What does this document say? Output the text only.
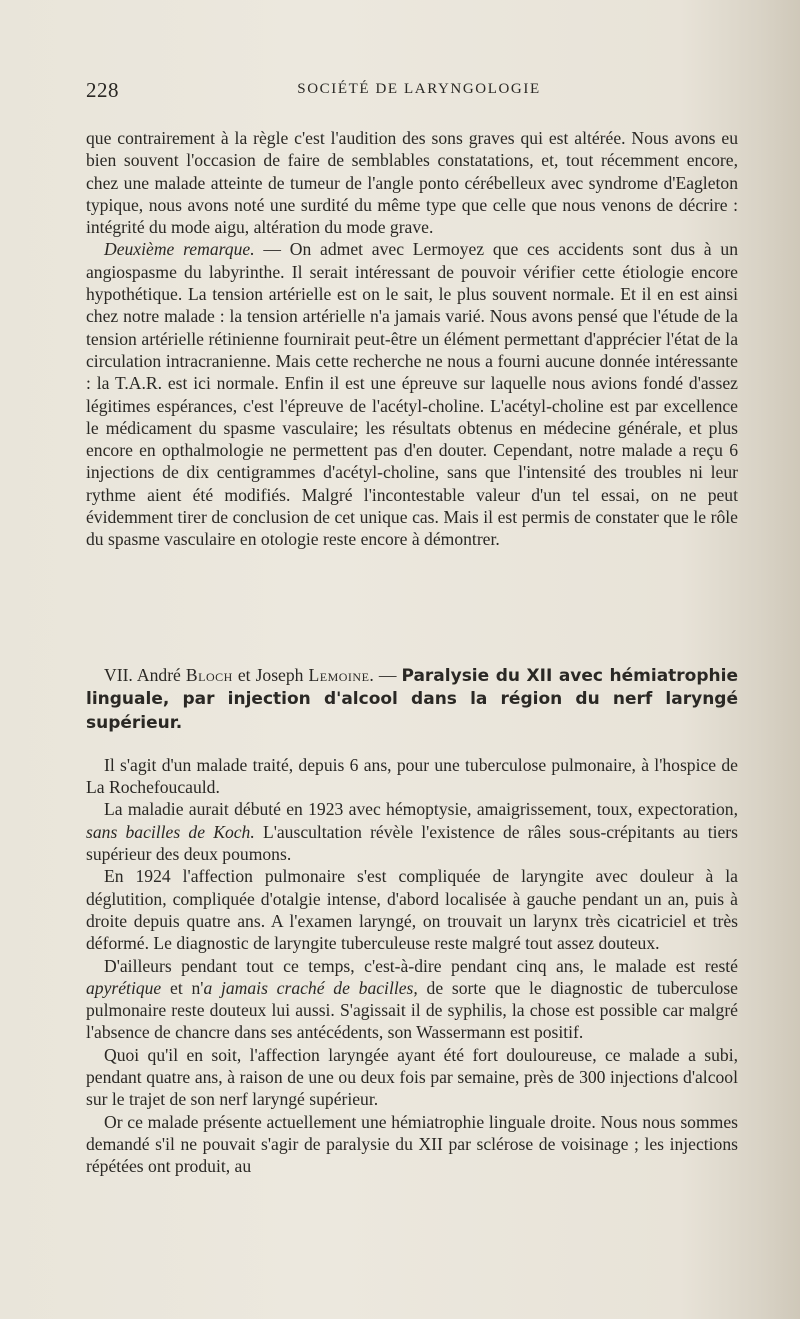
228	SOCIÉTÉ DE LARYNGOLOGIE

que contrairement à la règle c'est l'audition des sons graves qui est altérée. Nous avons eu bien souvent l'occasion de faire de semblables constatations, et, tout récemment encore, chez une malade atteinte de tumeur de l'angle ponto cérébelleux avec syndrome d'Eagleton typique, nous avons noté une surdité du même type que celle que nous venons de décrire : intégrité du mode aigu, altération du mode grave.

Deuxième remarque. — On admet avec Lermoyez que ces accidents sont dus à un angiospasme du labyrinthe. Il serait intéressant de pouvoir vérifier cette étiologie encore hypothétique. La tension artérielle est on le sait, le plus souvent normale. Et il en est ainsi chez notre malade : la tension artérielle n'a jamais varié. Nous avons pensé que l'étude de la tension artérielle rétinienne fournirait peut-être un élément permettant d'apprécier l'état de la circulation intracranienne. Mais cette recherche ne nous a fourni aucune donnée intéressante : la T.A.R. est ici normale. Enfin il est une épreuve sur laquelle nous avions fondé d'assez légitimes espérances, c'est l'épreuve de l'acétyl-choline. L'acétyl-choline est par excellence le médicament du spasme vasculaire; les résultats obtenus en médecine générale, et plus encore en opthalmologie ne permettent pas d'en douter. Cependant, notre malade a reçu 6 injections de dix centigrammes d'acétyl-choline, sans que l'intensité des troubles ni leur rythme aient été modifiés. Malgré l'incontestable valeur d'un tel essai, on ne peut évidemment tirer de conclusion de cet unique cas. Mais il est permis de constater que le rôle du spasme vasculaire en otologie reste encore à démontrer.

VII. André Bloch et Joseph Lemoine. — Paralysie du XII avec hémiatrophie linguale, par injection d'alcool dans la région du nerf laryngé supérieur.

Il s'agit d'un malade traité, depuis 6 ans, pour une tuberculose pulmonaire, à l'hospice de La Rochefoucauld.

La maladie aurait débuté en 1923 avec hémoptysie, amaigrissement, toux, expectoration, sans bacilles de Koch. L'auscultation révèle l'existence de râles sous-crépitants au tiers supérieur des deux poumons.

En 1924 l'affection pulmonaire s'est compliquée de laryngite avec douleur à la déglutition, compliquée d'otalgie intense, d'abord localisée à gauche pendant un an, puis à droite depuis quatre ans. A l'examen laryngé, on trouvait un larynx très cicatriciel et très déformé. Le diagnostic de laryngite tuberculeuse reste malgré tout assez douteux.

D'ailleurs pendant tout ce temps, c'est-à-dire pendant cinq ans, le malade est resté apyrétique et n'a jamais craché de bacilles, de sorte que le diagnostic de tuberculose pulmonaire reste douteux lui aussi. S'agissait il de syphilis, la chose est possible car malgré l'absence de chancre dans ses antécédents, son Wassermann est positif.

Quoi qu'il en soit, l'affection laryngée ayant été fort douloureuse, ce malade a subi, pendant quatre ans, à raison de une ou deux fois par semaine, près de 300 injections d'alcool sur le trajet de son nerf laryngé supérieur.

Or ce malade présente actuellement une hémiatrophie linguale droite. Nous nous sommes demandé s'il ne pouvait s'agir de paralysie du XII par sclérose de voisinage ; les injections répétées ont produit, au
